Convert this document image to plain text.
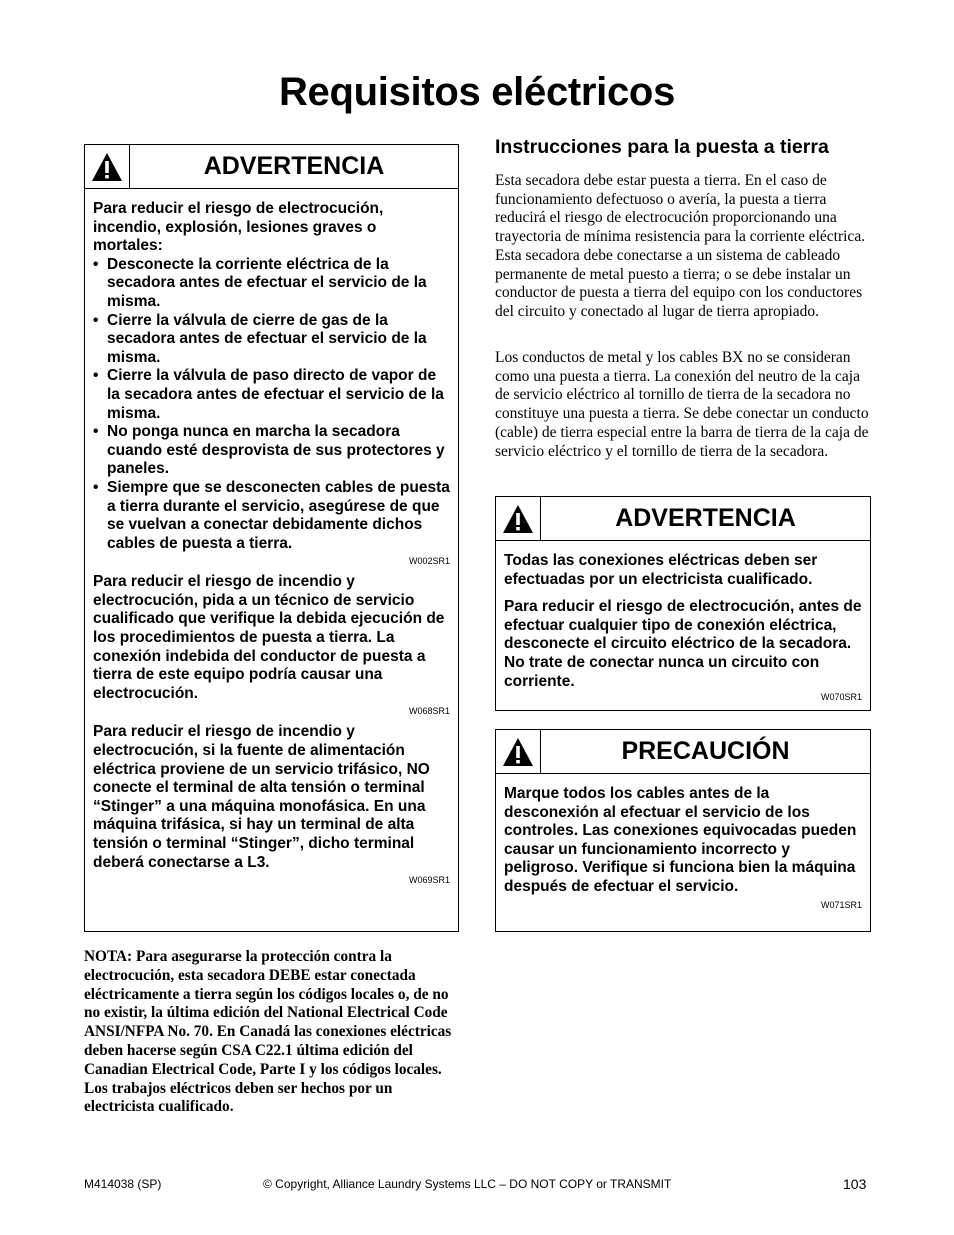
Requisitos eléctricos
ADVERTENCIA

Para reducir el riesgo de electrocución, incendio, explosión, lesiones graves o mortales:

• Desconecte la corriente eléctrica de la secadora antes de efectuar el servicio de la misma.
• Cierre la válvula de cierre de gas de la secadora antes de efectuar el servicio de la misma.
• Cierre la válvula de paso directo de vapor de la secadora antes de efectuar el servicio de la misma.
• No ponga nunca en marcha la secadora cuando esté desprovista de sus protectores y paneles.
• Siempre que se desconecten cables de puesta a tierra durante el servicio, asegúrese de que se vuelvan a conectar debidamente dichos cables de puesta a tierra.
W002SR1

Para reducir el riesgo de incendio y electrocución, pida a un técnico de servicio cualificado que verifique la debida ejecución de los procedimientos de puesta a tierra. La conexión indebida del conductor de puesta a tierra de este equipo podría causar una electrocución.

W068SR1

Para reducir el riesgo de incendio y electrocución, si la fuente de alimentación eléctrica proviene de un servicio trifásico, NO conecte el terminal de alta tensión o terminal “Stinger” a una máquina monofásica. En una máquina trifásica, si hay un terminal de alta tensión o terminal “Stinger”, dicho terminal deberá conectarse a L3.

W069SR1

NOTA: Para asegurarse la protección contra la electrocución, esta secadora DEBE estar conectada eléctricamente a tierra según los códigos locales o, de no no existir, la última edición del National Electrical Code ANSI/NFPA No. 70. En Canadá las conexiones eléctricas deben hacerse según CSA C22.1 última edición del Canadian Electrical Code, Parte I y los códigos locales. Los trabajos eléctricos deben ser hechos por un electricista cualificado.

Instrucciones para la puesta a tierra

Esta secadora debe estar puesta a tierra. En el caso de funcionamiento defectuoso o avería, la puesta a tierra reducirá el riesgo de electrocución proporcionando una trayectoria de mínima resistencia para la corriente eléctrica. Esta secadora debe conectarse a un sistema de cableado permanente de metal puesto a tierra; o se debe instalar un conductor de puesta a tierra del equipo con los conductores del circuito y conectado al lugar de tierra apropiado.

Los conductos de metal y los cables BX no se consideran como una puesta a tierra. La conexión del neutro de la caja de servicio eléctrico al tornillo de tierra de la secadora no constituye una puesta a tierra. Se debe conectar un conducto (cable) de tierra especial entre la barra de tierra de la caja de servicio eléctrico y el tornillo de tierra de la secadora.

ADVERTENCIA

Todas las conexiones eléctricas deben ser efectuadas por un electricista cualificado.

Para reducir el riesgo de electrocución, antes de efectuar cualquier tipo de conexión eléctrica, desconecte el circuito eléctrico de la secadora. No trate de conectar nunca un circuito con corriente.

W070SR1
PRECAUCIÓN

Marque todos los cables antes de la desconexión al efectuar el servicio de los controles. Las conexiones equivocadas pueden causar un funcionamiento incorrecto y peligroso. Verifique si funciona bien la máquina después de efectuar el servicio.

W071SR1
M414038 (SP)	© Copyright, Alliance Laundry Systems LLC – DO NOT COPY or TRANSMIT	103
